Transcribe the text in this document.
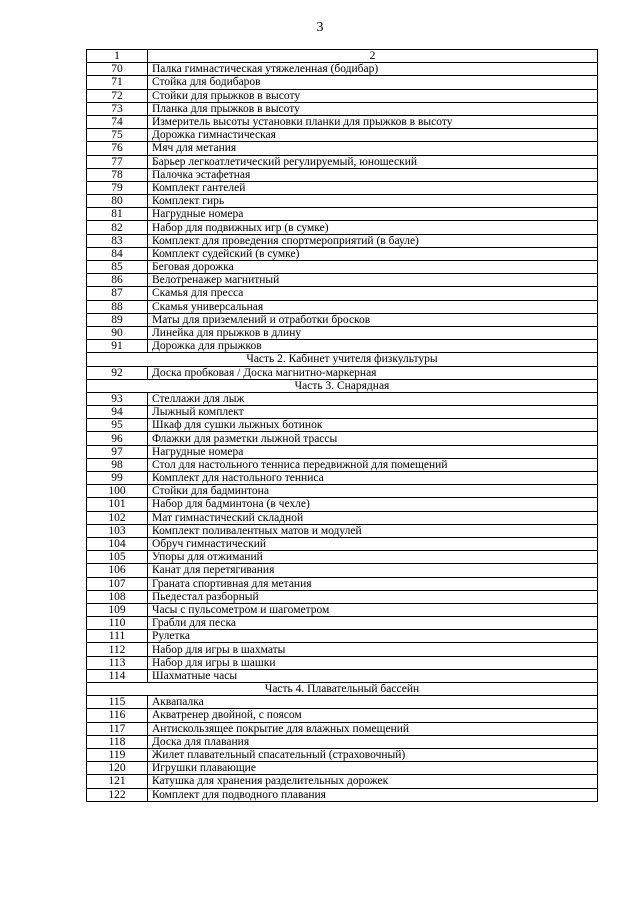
3
1	2
70	Палка гимнастическая утяжеленная (бодибар)
71	Стойка для бодибаров
72	Стойки для прыжков в высоту
73	Планка для прыжков в высоту
74	Измеритель высоты установки планки для прыжков в высоту
75	Дорожка гимнастическая
76	Мяч для метания
77	Барьер легкоатлетический регулируемый, юношеский
78	Палочка эстафетная
79	Комплект гантелей
80	Комплект гирь
81	Нагрудные номера
82	Набор для подвижных игр (в сумке)
83	Комплект для проведения спортмероприятий (в бауле)
84	Комплект судейский (в сумке)
85	Беговая дорожка
86	Велотренажер магнитный
87	Скамья для пресса
88	Скамья универсальная
89	Маты для приземлений и отработки бросков
90	Линейка для прыжков в длину
91	Дорожка для прыжков
Часть 2. Кабинет учителя физкультуры	
92	Доска пробковая / Доска магнитно-маркерная
Часть 3. Снарядная	
93	Стеллажи для лыж
94	Лыжный комплект
95	Шкаф для сушки лыжных ботинок
96	Флажки для разметки лыжной трассы
97	Нагрудные номера
98	Стол для настольного тенниса передвижной для помещений
99	Комплект для настольного тенниса
100	Стойки для бадминтона
101	Набор для бадминтона (в чехле)
102	Мат гимнастический складной
103	Комплект поливалентных матов и модулей
104	Обруч гимнастический
105	Упоры для отжиманий
106	Канат для перетягивания
107	Граната спортивная для метания
108	Пьедестал разборный
109	Часы с пульсометром и шагометром
110	Грабли для песка
111	Рулетка
112	Набор для игры в шахматы
113	Набор для игры в шашки
114	Шахматные часы
Часть 4. Плавательный бассейн	
115	Аквапалка
116	Акватренер двойной, с поясом
117	Антискользящее покрытие для влажных помещений
118	Доска для плавания
119	Жилет плавательный спасательный (страховочный)
120	Игрушки плавающие
121	Катушка для хранения разделительных дорожек
122	Комплект для подводного плавания
